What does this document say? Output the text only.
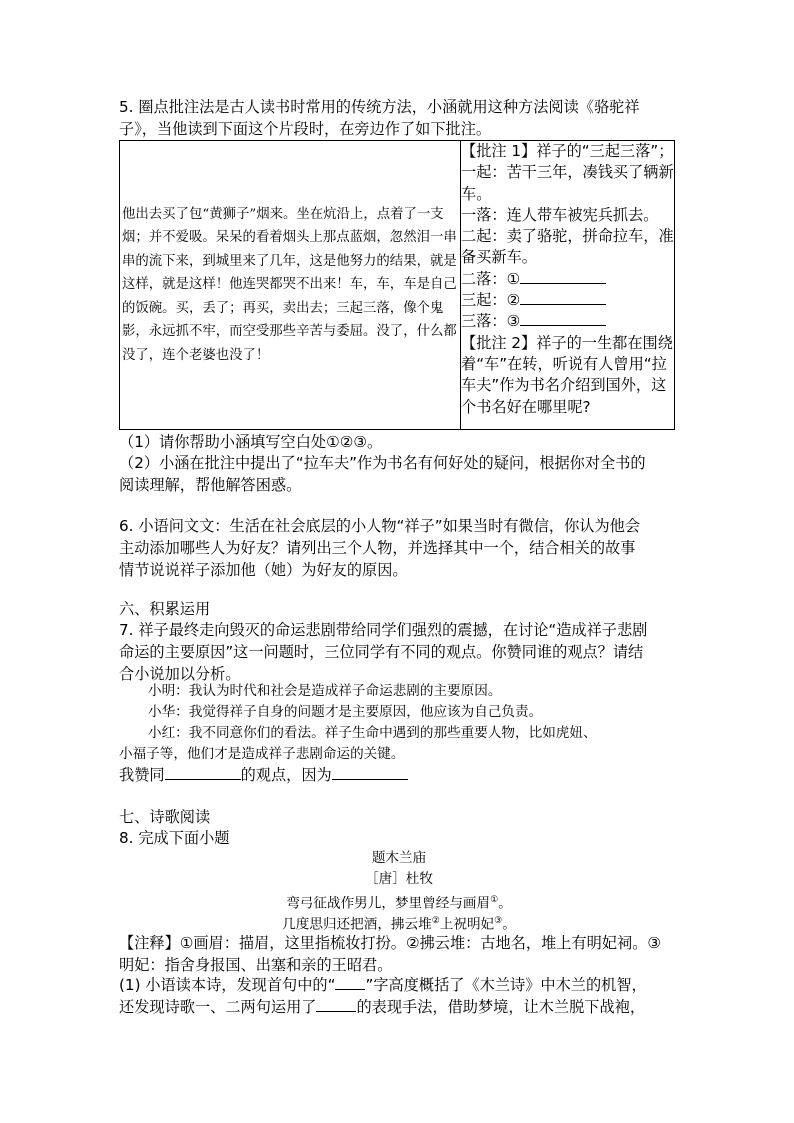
5. 圈点批注法是古人读书时常用的传统方法，小涵就用这种方法阅读《骆驼祥
子》，当他读到下面这个片段时，在旁边作了如下批注。
他出去买了包“黄狮子”烟来。坐在炕沿上，点着了一支烟；并不爱吸。呆呆的看着烟头上那点蓝烟，忽然泪一串串的流下来，到城里来了几年，这是他努力的结果，就是这样，就是这样！他连哭都哭不出来！车，车，车是自己的饭碗。买，丢了；再买，卖出去；三起三落，像个鬼影，永远抓不牢，而空受那些辛苦与委屈。没了，什么都没了，连个老婆也没了！	
【批注 1】祥子的“三起三落”；
一起：苦干三年，凑钱买了辆新车。
一落：连人带车被宪兵抓去。
二起：卖了骆驼，拼命拉车，准备买新车。
二落：①
三起：②
三落：③
【批注 2】祥子的一生都在围绕着“车”在转，听说有人曾用“拉车夫”作为书名介绍到国外，这个书名好在哪里呢?
（1）请你帮助小涵填写空白处①②③。
（2）小涵在批注中提出了“拉车夫”作为书名有何好处的疑问，根据你对全书的
阅读理解，帮他解答困惑。
6. 小语问文文：生活在社会底层的小人物“祥子”如果当时有微信，你认为他会
主动添加哪些人为好友？请列出三个人物，并选择其中一个，结合相关的故事
情节说说祥子添加他（她）为好友的原因。
六、积累运用
7. 祥子最终走向毁灭的命运悲剧带给同学们强烈的震撼，在讨论“造成祥子悲剧
命运的主要原因”这一问题时，三位同学有不同的观点。你赞同谁的观点？请结
合小说加以分析。
小明：我认为时代和社会是造成祥子命运悲剧的主要原因。
小华：我觉得祥子自身的问题才是主要原因，他应该为自己负责。
小红：我不同意你们的看法。祥子生命中遇到的那些重要人物，比如虎妞、
小福子等，他们才是造成祥子悲剧命运的关键。
我赞同	的观点，因为
七、诗歌阅读
8. 完成下面小题
题木兰庙
［唐］杜牧
弯弓征战作男儿，梦里曾经与画眉①。
几度思归还把酒，拂云堆②上祝明妃③。
【注释】①画眉：描眉，这里指梳妆打扮。②拂云堆：古地名，堆上有明妃祠。③
明妃：指舍身报国、出塞和亲的王昭君。
(1) 小语读本诗，发现首句中的“ ”字高度概括了《木兰诗》中木兰的机智，
还发现诗歌一、二两句运用了	的表现手法，借助梦境，让木兰脱下战袍，
